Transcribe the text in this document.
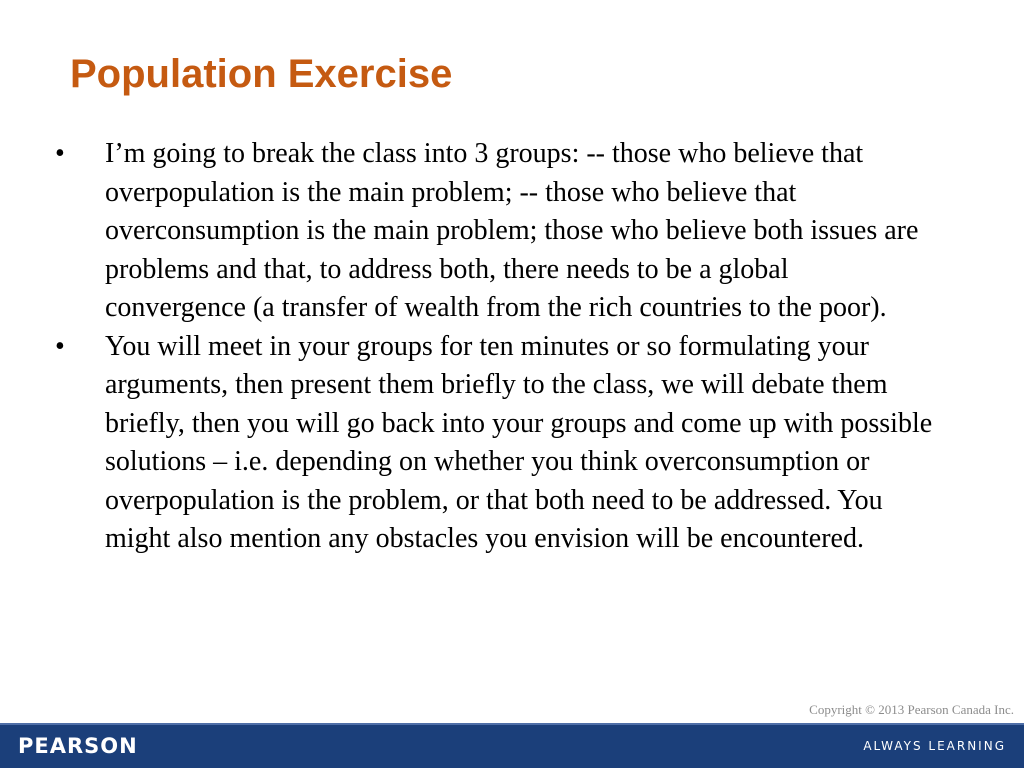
Population Exercise
•	I’m going to break the class into 3 groups: -- those who believe that overpopulation is the main problem; -- those who believe that overconsumption is the main problem; those who believe both issues are problems and that, to address both, there needs to be a global convergence (a transfer of wealth from the rich countries to the poor).
•	You will meet in your groups for ten minutes or so formulating your arguments, then present them briefly to the class, we will debate them briefly, then you will go back into your groups and come up with possible solutions – i.e. depending on whether you think overconsumption or overpopulation is the problem, or that both need to be addressed. You might also mention any obstacles you envision will be encountered.
Copyright © 2013 Pearson Canada Inc.
PEARSON	ALWAYS LEARNING
